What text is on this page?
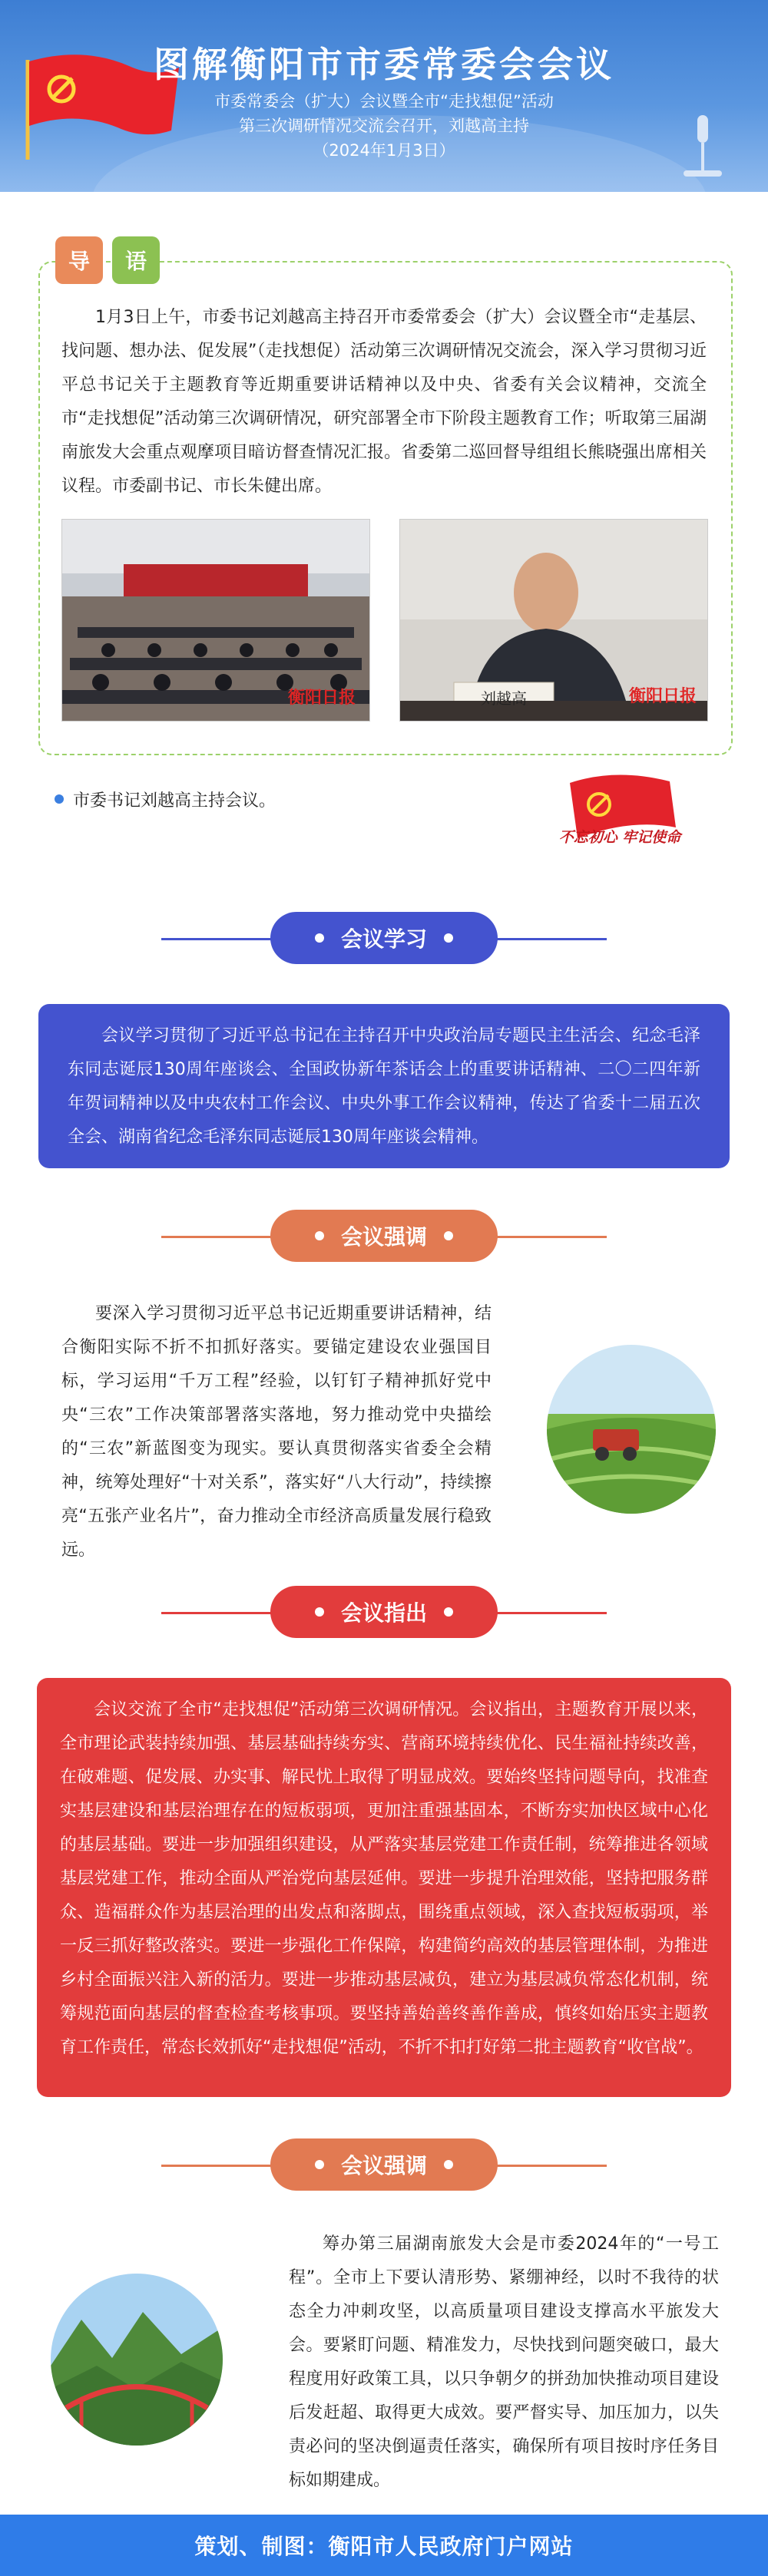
图解衡阳市市委常委会会议
市委常委会（扩大）会议暨全市“走找想促”活动
第三次调研情况交流会召开，刘越高主持
（2024年1月3日）
导	语
1月3日上午，市委书记刘越高主持召开市委常委会（扩大）会议暨全市“走基层、找问题、想办法、促发展”（走找想促）活动第三次调研情况交流会，深入学习贯彻习近平总书记关于主题教育等近期重要讲话精神以及中央、省委有关会议精神，交流全市“走找想促”活动第三次调研情况，研究部署全市下阶段主题教育工作；听取第三届湖南旅发大会重点观摩项目暗访督查情况汇报。省委第二巡回督导组组长熊晓强出席相关议程。市委副书记、市长朱健出席。
衡阳日报	刘越高	衡阳日报
市委书记刘越高主持会议。
不忘初心 牢记使命
会议学习
会议学习贯彻了习近平总书记在主持召开中央政治局专题民主生活会、纪念毛泽东同志诞辰130周年座谈会、全国政协新年茶话会上的重要讲话精神、二〇二四年新年贺词精神以及中央农村工作会议、中央外事工作会议精神，传达了省委十二届五次全会、湖南省纪念毛泽东同志诞辰130周年座谈会精神。
会议强调
要深入学习贯彻习近平总书记近期重要讲话精神，结合衡阳实际不折不扣抓好落实。要锚定建设农业强国目标，学习运用“千万工程”经验，以钉钉子精神抓好党中央“三农”工作决策部署落实落地，努力推动党中央描绘的“三农”新蓝图变为现实。要认真贯彻落实省委全会精神，统筹处理好“十对关系”，落实好“八大行动”，持续擦亮“五张产业名片”，奋力推动全市经济高质量发展行稳致远。
会议指出
会议交流了全市“走找想促”活动第三次调研情况。会议指出，主题教育开展以来，全市理论武装持续加强、基层基础持续夯实、营商环境持续优化、民生福祉持续改善，在破难题、促发展、办实事、解民忧上取得了明显成效。要始终坚持问题导向，找准查实基层建设和基层治理存在的短板弱项，更加注重强基固本，不断夯实加快区域中心化的基层基础。要进一步加强组织建设，从严落实基层党建工作责任制，统筹推进各领域基层党建工作，推动全面从严治党向基层延伸。要进一步提升治理效能，坚持把服务群众、造福群众作为基层治理的出发点和落脚点，围绕重点领域，深入查找短板弱项，举一反三抓好整改落实。要进一步强化工作保障，构建简约高效的基层管理体制，为推进乡村全面振兴注入新的活力。要进一步推动基层减负，建立为基层减负常态化机制，统筹规范面向基层的督查检查考核事项。要坚持善始善终善作善成，慎终如始压实主题教育工作责任，常态长效抓好“走找想促”活动，不折不扣打好第二批主题教育“收官战”。
会议强调
筹办第三届湖南旅发大会是市委2024年的“一号工程”。全市上下要认清形势、紧绷神经，以时不我待的状态全力冲刺攻坚，以高质量项目建设支撑高水平旅发大会。要紧盯问题、精准发力，尽快找到问题突破口，最大程度用好政策工具，以只争朝夕的拼劲加快推动项目建设后发赶超、取得更大成效。要严督实导、加压加力，以失责必问的坚决倒逼责任落实，确保所有项目按时序任务目标如期建成。
策划、制图：衡阳市人民政府门户网站
